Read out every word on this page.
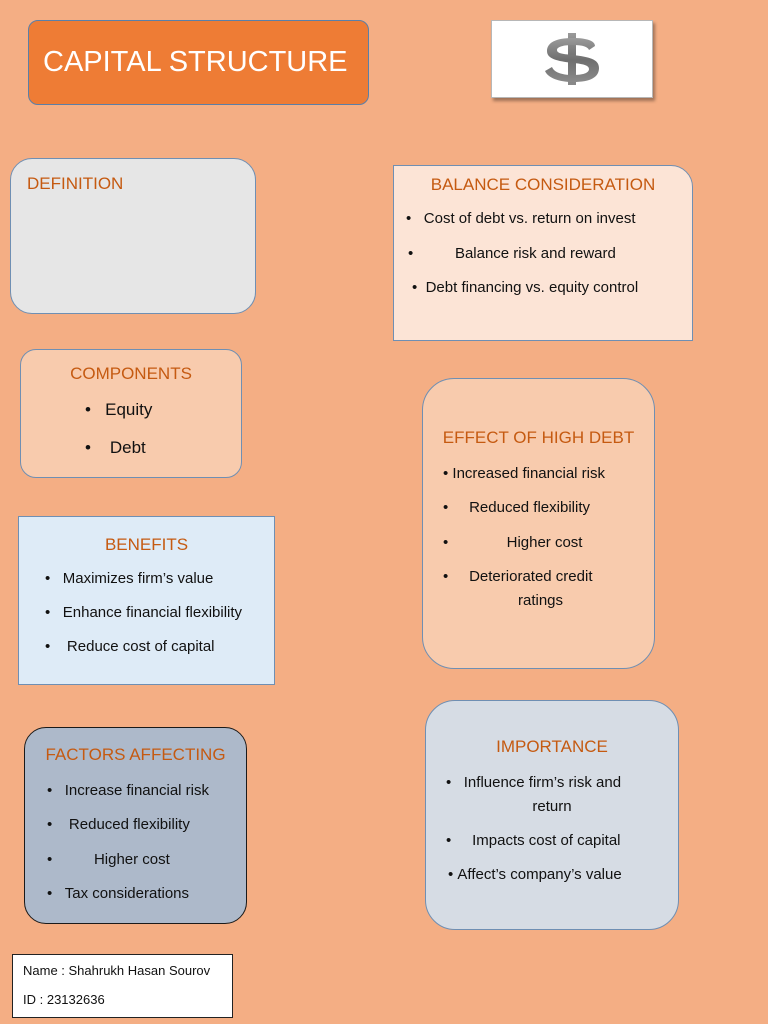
CAPITAL STRUCTURE
DEFINITION
COMPONENTS
•   Equity
•    Debt
BENEFITS
•   Maximizes firm’s value
•   Enhance financial flexibility
•    Reduce cost of capital
FACTORS AFFECTING
•   Increase financial risk
•    Reduced flexibility
•          Higher cost
•   Tax considerations
BALANCE CONSIDERATION
•   Cost of debt vs. return on invest
•          Balance risk and reward
•  Debt financing vs. equity control
EFFECT OF HIGH DEBT
• Increased financial risk
•     Reduced flexibility
•              Higher cost
•     Deteriorated credit
ratings
IMPORTANCE
•   Influence firm’s risk and
return
•     Impacts cost of capital
• Affect’s company’s value
Name : Shahrukh Hasan Sourov
ID : 23132636
